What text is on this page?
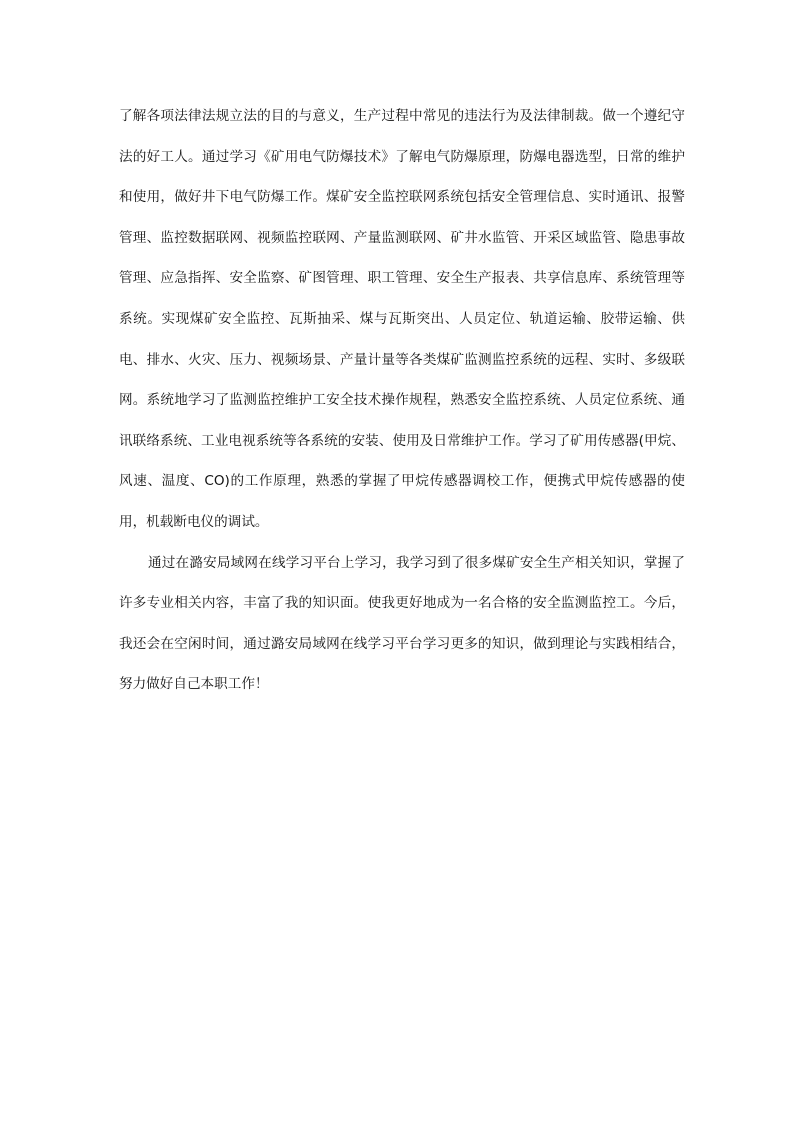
了解各项法律法规立法的目的与意义，生产过程中常见的违法行为及法律制裁。做一个遵纪守法的好工人。通过学习《矿用电气防爆技术》了解电气防爆原理，防爆电器选型，日常的维护和使用，做好井下电气防爆工作。煤矿安全监控联网系统包括安全管理信息、实时通讯、报警管理、监控数据联网、视频监控联网、产量监测联网、矿井水监管、开采区域监管、隐患事故管理、应急指挥、安全监察、矿图管理、职工管理、安全生产报表、共享信息库、系统管理等系统。实现煤矿安全监控、瓦斯抽采、煤与瓦斯突出、人员定位、轨道运输、胶带运输、供电、排水、火灾、压力、视频场景、产量计量等各类煤矿监测监控系统的远程、实时、多级联网。系统地学习了监测监控维护工安全技术操作规程，熟悉安全监控系统、人员定位系统、通讯联络系统、工业电视系统等各系统的安装、使用及日常维护工作。学习了矿用传感器(甲烷、风速、温度、CO)的工作原理，熟悉的掌握了甲烷传感器调校工作，便携式甲烷传感器的使用，机载断电仪的调试。

通过在潞安局域网在线学习平台上学习，我学习到了很多煤矿安全生产相关知识，掌握了许多专业相关内容，丰富了我的知识面。使我更好地成为一名合格的安全监测监控工。今后，我还会在空闲时间，通过潞安局域网在线学习平台学习更多的知识，做到理论与实践相结合，努力做好自己本职工作！
